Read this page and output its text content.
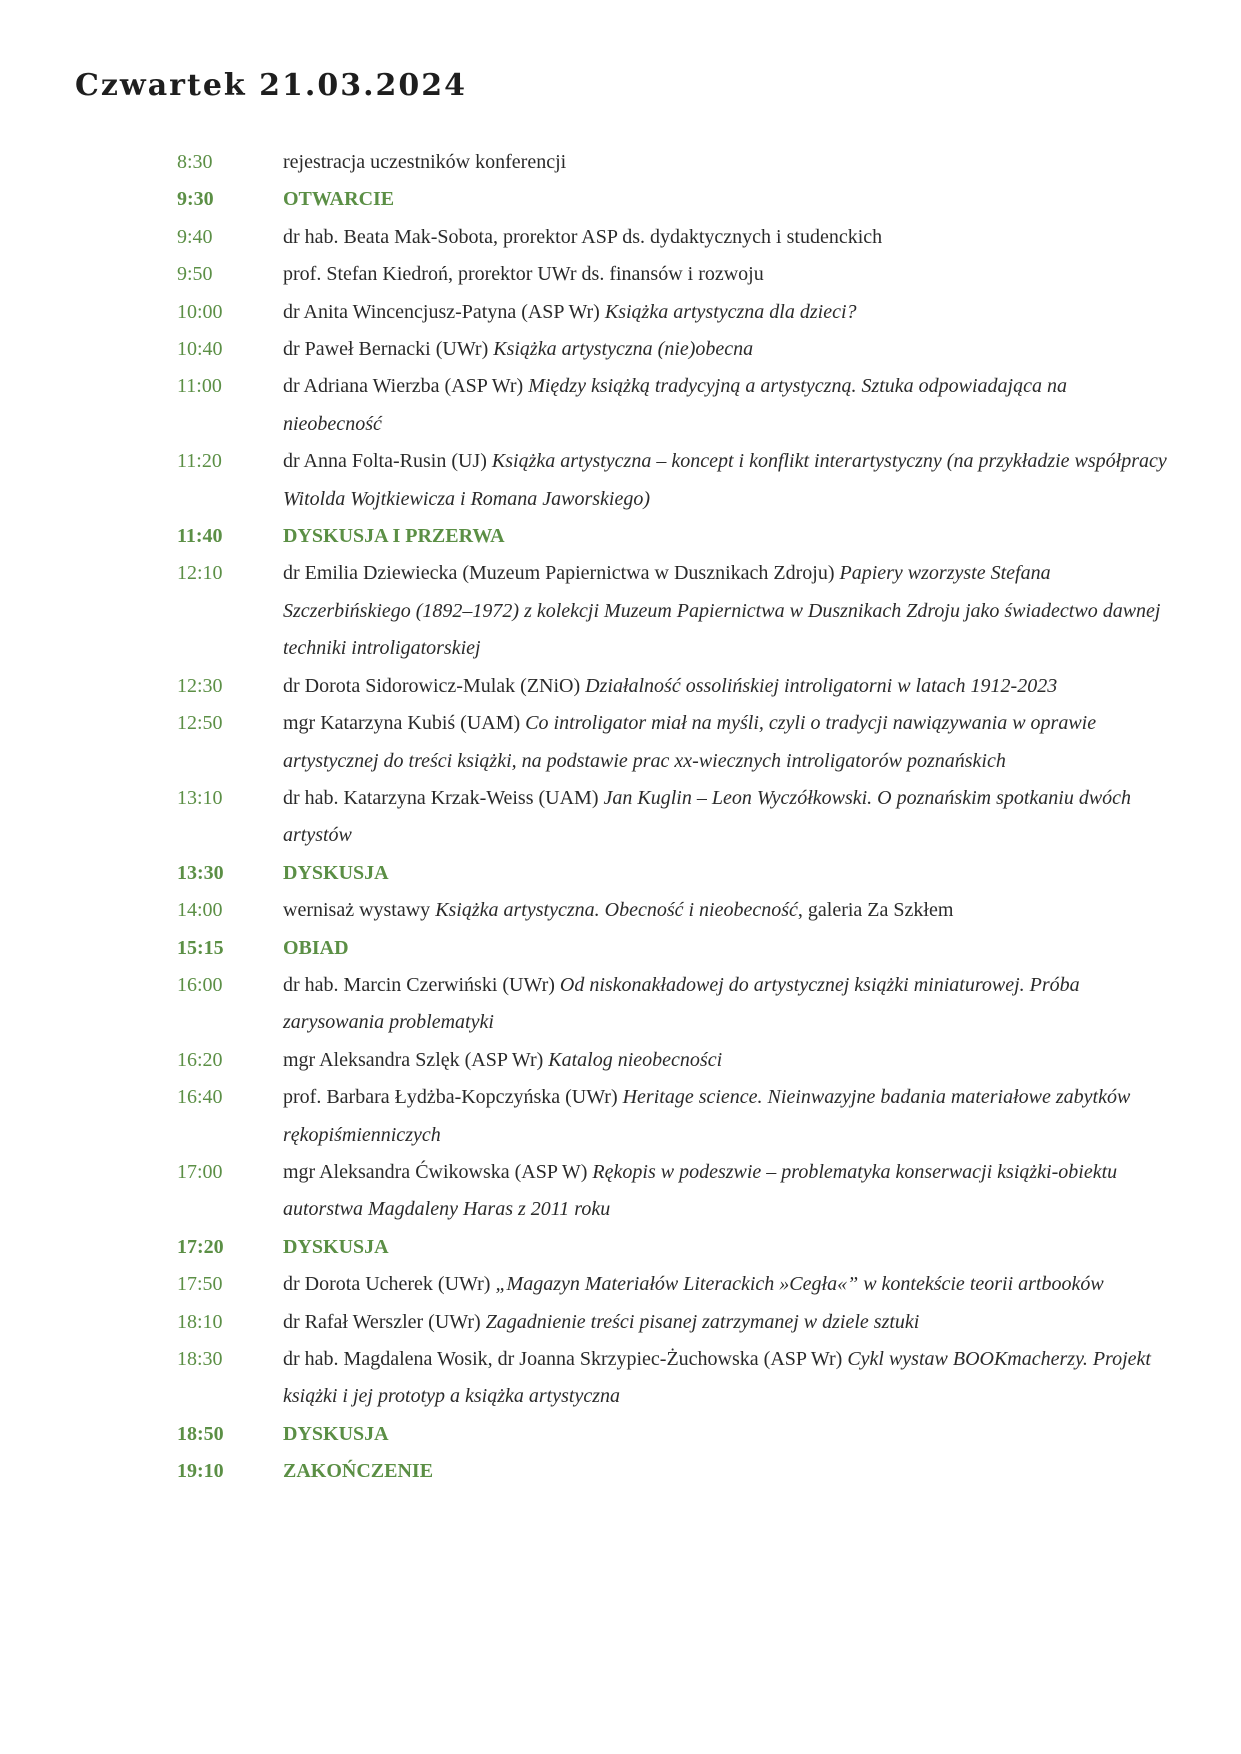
Czwartek 21.03.2024
8:30	rejestracja uczestników konferencji
9:30	OTWARCIE
9:40	dr hab. Beata Mak-Sobota, prorektor ASP ds. dydaktycznych i studenckich
9:50	prof. Stefan Kiedroń, prorektor UWr ds. finansów i rozwoju
10:00	dr Anita Wincencjusz-Patyna (ASP Wr) Książka artystyczna dla dzieci?
10:40	dr Paweł Bernacki (UWr) Książka artystyczna (nie)obecna
11:00	dr Adriana Wierzba (ASP Wr) Między książką tradycyjną a artystyczną. Sztuka odpowiadająca na nieobecność
11:20	dr Anna Folta-Rusin (UJ) Książka artystyczna – koncept i konflikt interartystyczny (na przykładzie współpracy Witolda Wojtkiewicza i Romana Jaworskiego)
11:40	DYSKUSJA I PRZERWA
12:10	dr Emilia Dziewiecka (Muzeum Papiernictwa w Dusznikach Zdroju) Papiery wzorzyste Stefana Szczerbińskiego (1892–1972) z kolekcji Muzeum Papiernictwa w Dusznikach Zdroju jako świadectwo dawnej techniki introligatorskiej
12:30	dr Dorota Sidorowicz-Mulak (ZNiO) Działalność ossolińskiej introligatorni w latach 1912-2023
12:50	mgr Katarzyna Kubiś (UAM) Co introligator miał na myśli, czyli o tradycji nawiązywania w oprawie artystycznej do treści książki, na podstawie prac xx-wiecznych introligatorów poznańskich
13:10	dr hab. Katarzyna Krzak-Weiss (UAM) Jan Kuglin – Leon Wyczółkowski. O poznańskim spotkaniu dwóch artystów
13:30	DYSKUSJA
14:00	wernisaż wystawy Książka artystyczna. Obecność i nieobecność, galeria Za Szkłem
15:15	OBIAD
16:00	dr hab. Marcin Czerwiński (UWr) Od niskonakładowej do artystycznej książki miniaturowej. Próba zarysowania problematyki
16:20	mgr Aleksandra Szlęk (ASP Wr) Katalog nieobecności
16:40	prof. Barbara Łydżba-Kopczyńska (UWr) Heritage science. Nieinwazyjne badania materiałowe zabytków rękopiśmienniczych
17:00	mgr Aleksandra Ćwikowska (ASP W) Rękopis w podeszwie – problematyka konserwacji książki-obiektu autorstwa Magdaleny Haras z 2011 roku
17:20	DYSKUSJA
17:50	dr Dorota Ucherek (UWr) „Magazyn Materiałów Literackich »Cegła«” w kontekście teorii artbooków
18:10	dr Rafał Werszler (UWr) Zagadnienie treści pisanej zatrzymanej w dziele sztuki
18:30	dr hab. Magdalena Wosik, dr Joanna Skrzypiec-Żuchowska (ASP Wr) Cykl wystaw BOOKmacherzy. Projekt książki i jej prototyp a książka artystyczna
18:50	DYSKUSJA
19:10	ZAKOŃCZENIE
